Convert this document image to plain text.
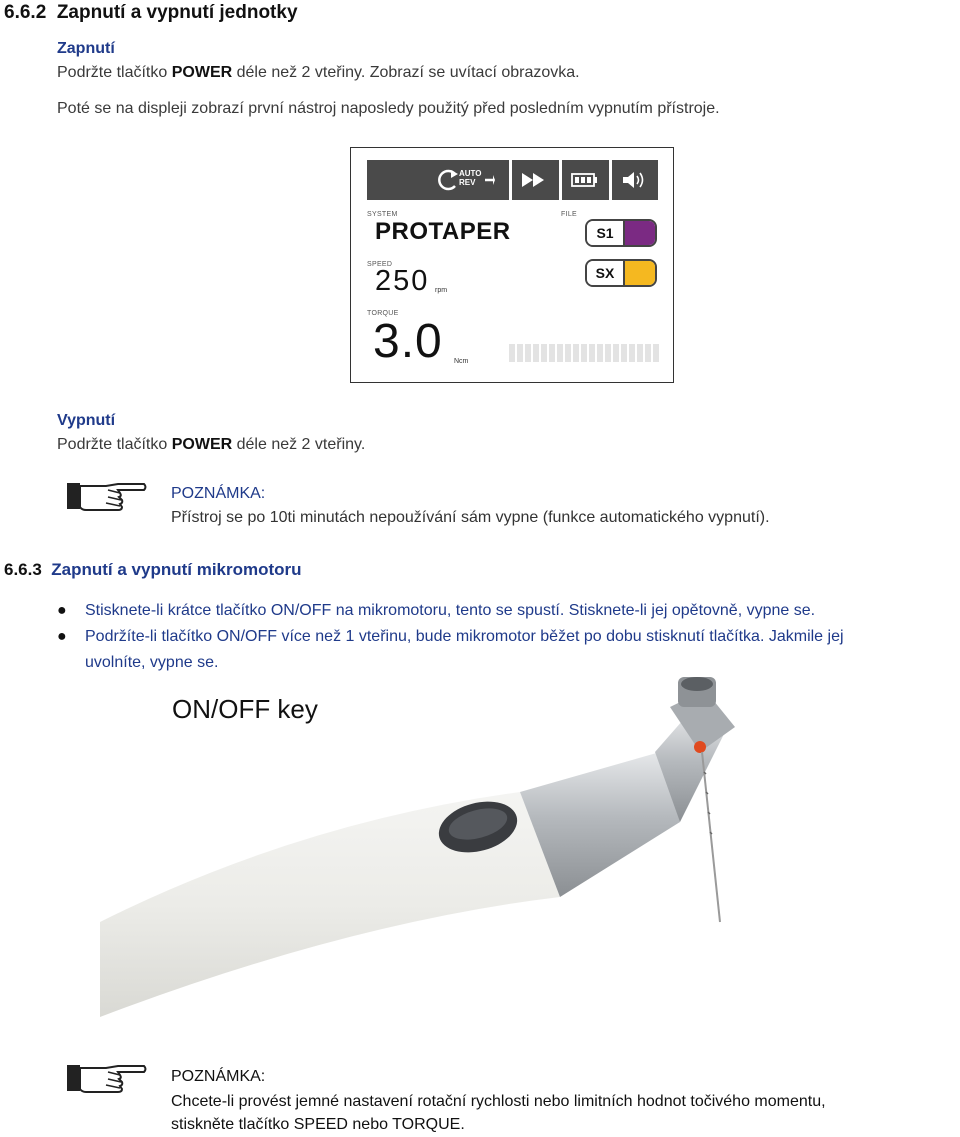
6.6.2 Zapnutí a vypnutí jednotky
Zapnutí
Podržte tlačítko POWER déle než 2 vteřiny. Zobrazí se uvítací obrazovka.
Poté se na displeji zobrazí první nástroj naposledy použitý před posledním vypnutím přístroje.
AUTO
REV
SYSTEM
PROTAPER
FILE
S1
SX
SPEED
250 rpm
TORQUE
3.0 Ncm
Vypnutí
Podržte tlačítko POWER déle než 2 vteřiny.
POZNÁMKA:
Přístroj se po 10ti minutách nepoužívání sám vypne (funkce automatického vypnutí).
6.6.3 Zapnutí a vypnutí mikromotoru
● Stisknete-li krátce tlačítko ON/OFF na mikromotoru, tento se spustí. Stisknete-li jej opětovně, vypne se.
● Podržíte-li tlačítko ON/OFF více než 1 vteřinu, bude mikromotor běžet po dobu stisknutí tlačítka. Jakmile jej
uvolníte, vypne se.
ON/OFF key
POZNÁMKA:
Chcete-li provést jemné nastavení rotační rychlosti nebo limitních hodnot točivého momentu,
stiskněte tlačítko SPEED nebo TORQUE.
